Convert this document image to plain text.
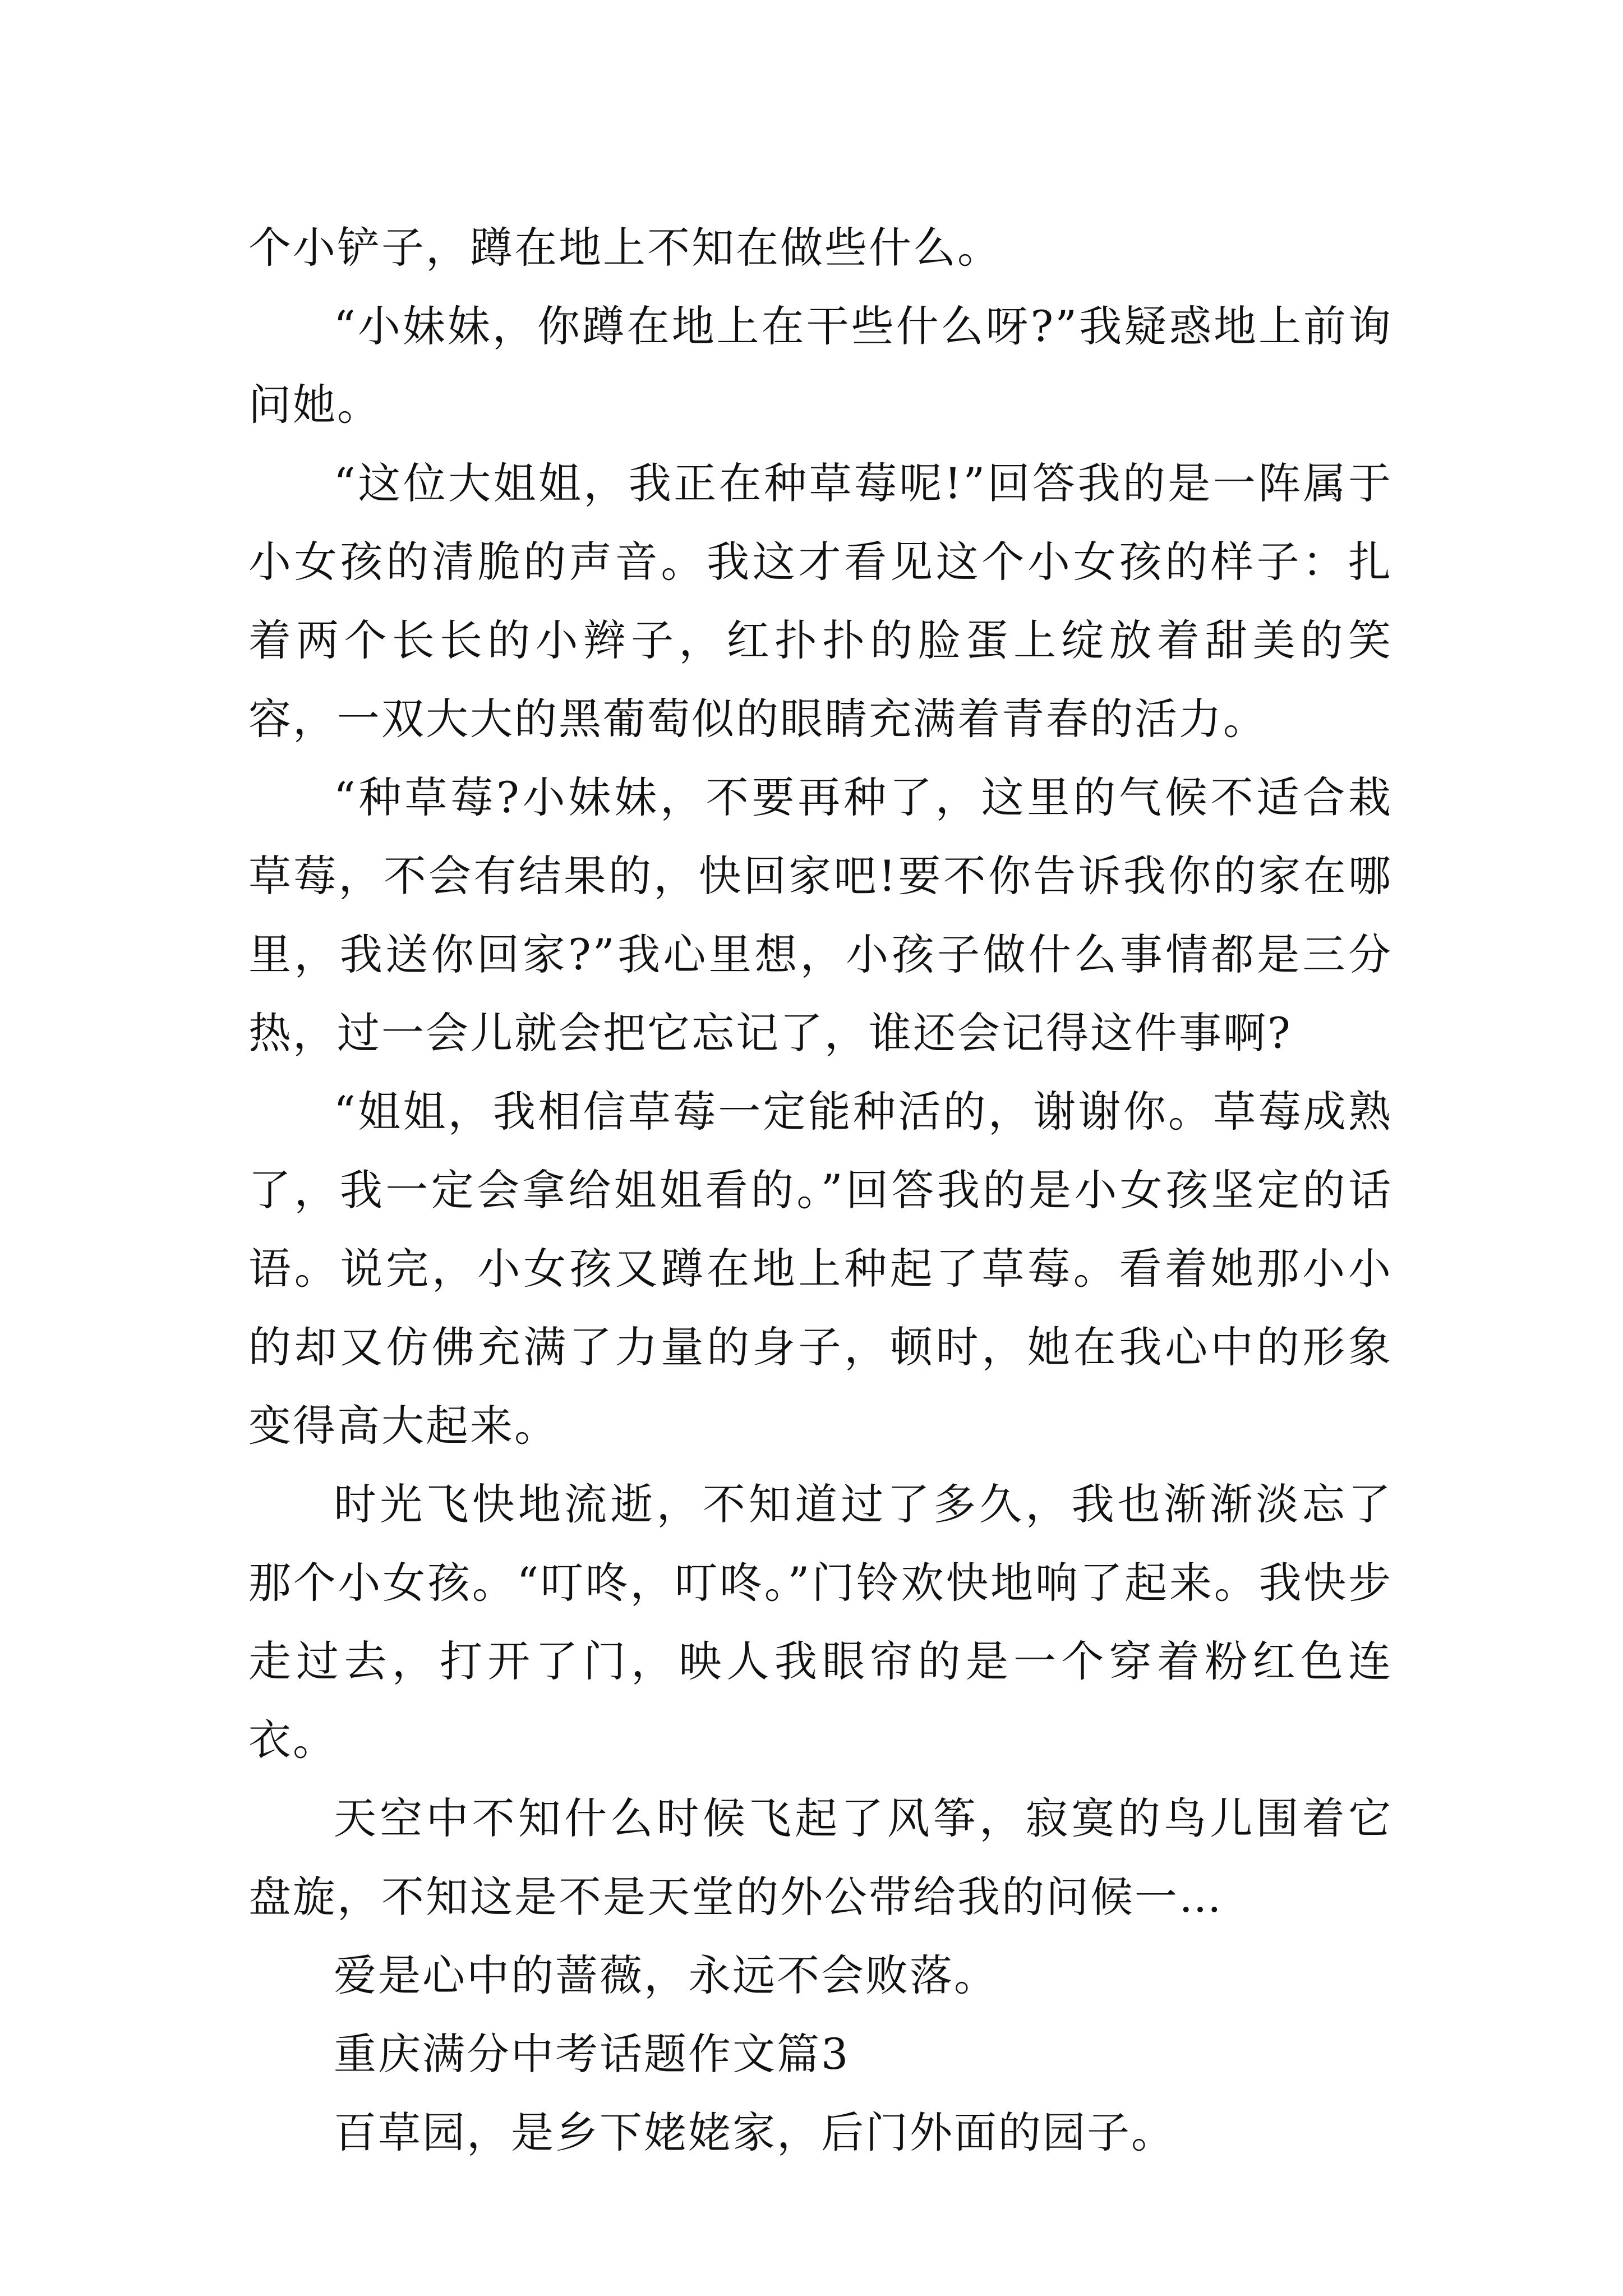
个小铲子，蹲在地上不知在做些什么。

“小妹妹，你蹲在地上在干些什么呀?”我疑惑地上前询问她。

“这位大姐姐，我正在种草莓呢!”回答我的是一阵属于小女孩的清脆的声音。我这才看见这个小女孩的样子：扎着两个长长的小辫子，红扑扑的脸蛋上绽放着甜美的笑容，一双大大的黑葡萄似的眼睛充满着青春的活力。

“种草莓?小妹妹，不要再种了，这里的气候不适合栽草莓，不会有结果的，快回家吧!要不你告诉我你的家在哪里，我送你回家?”我心里想，小孩子做什么事情都是三分热，过一会儿就会把它忘记了，谁还会记得这件事啊?

“姐姐，我相信草莓一定能种活的，谢谢你。草莓成熟了，我一定会拿给姐姐看的。”回答我的是小女孩坚定的话语。说完，小女孩又蹲在地上种起了草莓。看着她那小小的却又仿佛充满了力量的身子，顿时，她在我心中的形象变得高大起来。

时光飞快地流逝，不知道过了多久，我也渐渐淡忘了那个小女孩。“叮咚，叮咚。”门铃欢快地响了起来。我快步走过去，打开了门，映人我眼帘的是一个穿着粉红色连衣。

天空中不知什么时候飞起了风筝，寂寞的鸟儿围着它盘旋，不知这是不是天堂的外公带给我的问候一…

爱是心中的蔷薇，永远不会败落。

重庆满分中考话题作文篇3

百草园，是乡下姥姥家，后门外面的园子。
